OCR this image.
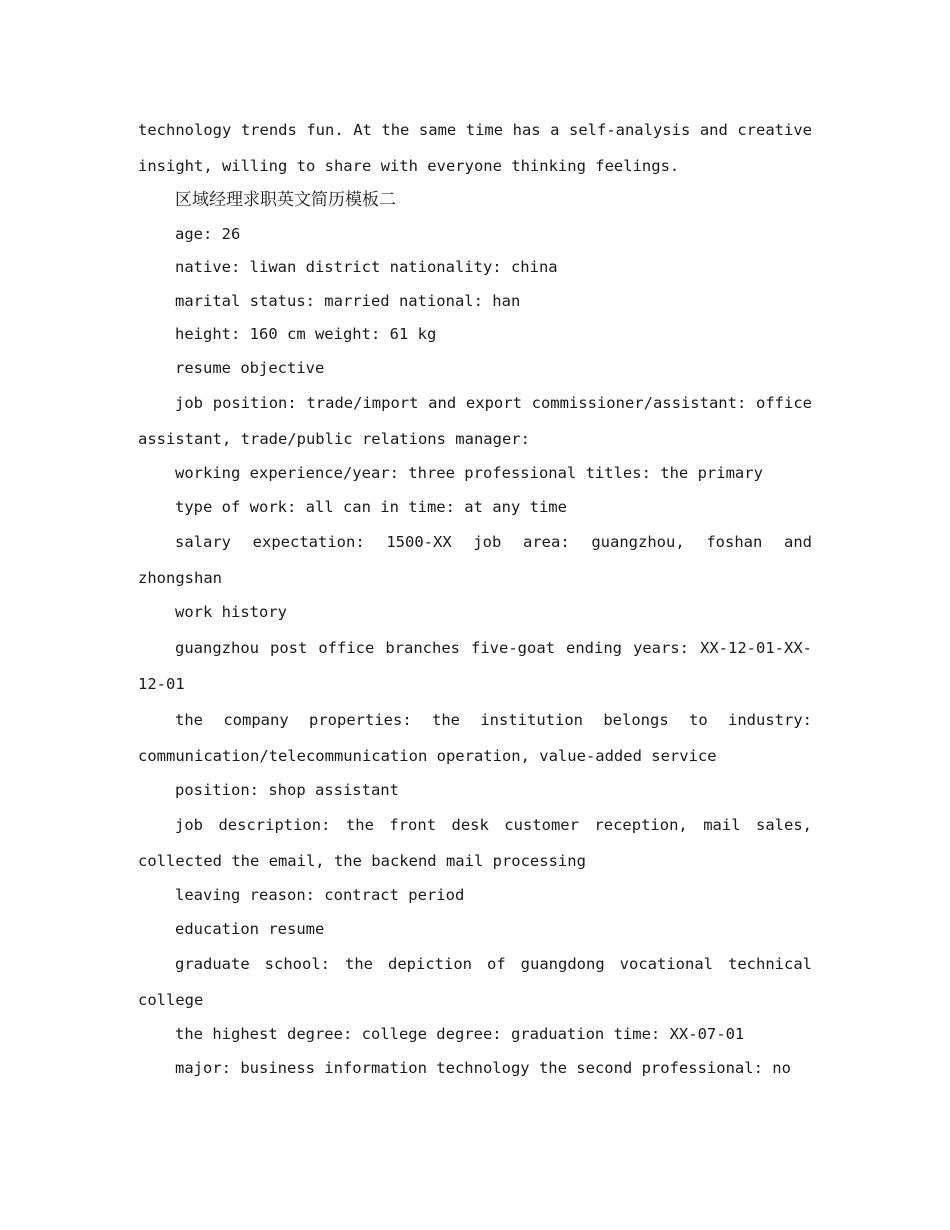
technology trends fun. At the same time has a self-analysis and creative insight, willing to share with everyone thinking feelings.

区域经理求职英文简历模板二

age: 26

native: liwan district nationality: china

marital status: married national: han

height: 160 cm weight: 61 kg

resume objective

job position: trade/import and export commissioner/assistant: office assistant, trade/public relations manager:

working experience/year: three professional titles: the primary

type of work: all can in time: at any time

salary expectation: 1500-XX job area: guangzhou, foshan and zhongshan

work history

guangzhou post office branches five-goat ending years: XX-12-01-XX-12-01

the company properties: the institution belongs to industry: communication/telecommunication operation, value-added service

position: shop assistant

job description: the front desk customer reception, mail sales, collected the email, the backend mail processing

leaving reason: contract period

education resume

graduate school: the depiction of guangdong vocational technical college

the highest degree: college degree: graduation time: XX-07-01

major: business information technology the second professional: no
